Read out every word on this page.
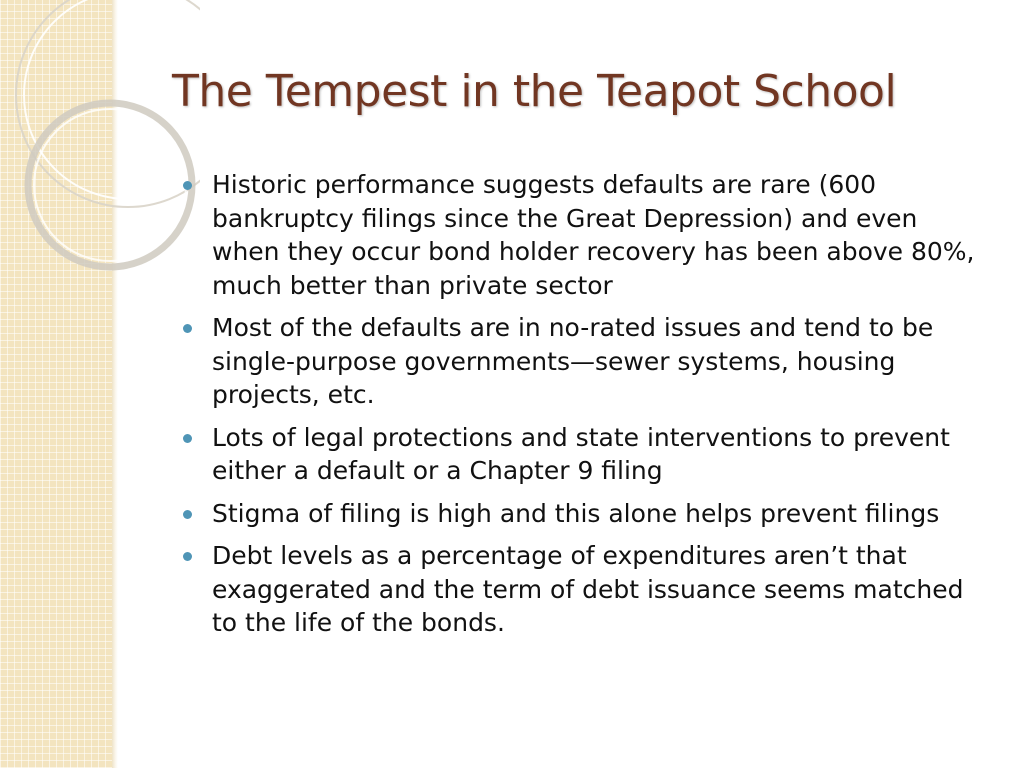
The Tempest in the Teapot School
Historic performance suggests defaults are rare (600 bankruptcy filings since the Great Depression) and even when they occur bond holder recovery has been above 80%, much better than private sector
Most of the defaults are in no-rated issues and tend to be single-purpose governments—sewer systems, housing projects, etc.
Lots of legal protections and state interventions to prevent either a default or a Chapter 9 filing
Stigma of filing is high and this alone helps prevent filings
Debt levels as a percentage of expenditures aren’t that exaggerated and the term of debt issuance seems matched to the life of the bonds.
